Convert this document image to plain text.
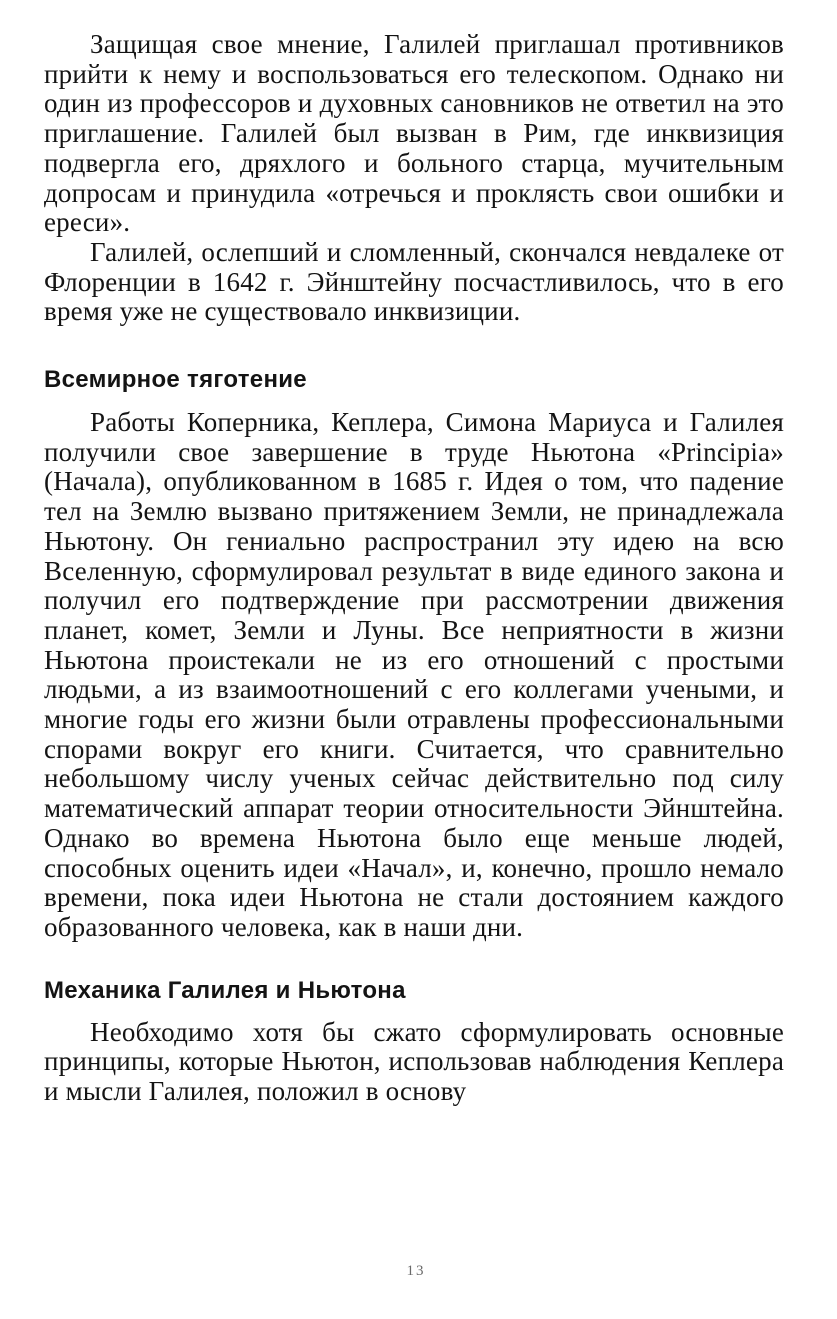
Защищая свое мнение, Галилей приглашал противников прийти к нему и воспользоваться его телескопом. Однако ни один из профессоров и духовных сановников не ответил на это приглашение. Галилей был вызван в Рим, где инквизиция подвергла его, дряхлого и больного старца, мучительным допросам и принудила «отречься и проклясть свои ошибки и ереси».

Галилей, ослепший и сломленный, скончался невдалеке от Флоренции в 1642 г. Эйнштейну посчастливилось, что в его время уже не существовало инквизиции.

Всемирное тяготение

Работы Коперника, Кеплера, Симона Мариуса и Галилея получили свое завершение в труде Ньютона «Principia» (Начала), опубликованном в 1685 г. Идея о том, что падение тел на Землю вызвано притяжением Земли, не принадлежала Ньютону. Он гениально распространил эту идею на всю Вселенную, сформулировал результат в виде единого закона и получил его подтверждение при рассмотрении движения планет, комет, Земли и Луны. Все неприятности в жизни Ньютона проистекали не из его отношений с простыми людьми, а из взаимоотношений с его коллегами учеными, и многие годы его жизни были отравлены профессиональными спорами вокруг его книги. Считается, что сравнительно небольшому числу ученых сейчас действительно под силу математический аппарат теории относительности Эйнштейна. Однако во времена Ньютона было еще меньше людей, способных оценить идеи «Начал», и, конечно, прошло немало времени, пока идеи Ньютона не стали достоянием каждого образованного человека, как в наши дни.

Механика Галилея и Ньютона

Необходимо хотя бы сжато сформулировать основные принципы, которые Ньютон, использовав наблюдения Кеплера и мысли Галилея, положил в основу

13
